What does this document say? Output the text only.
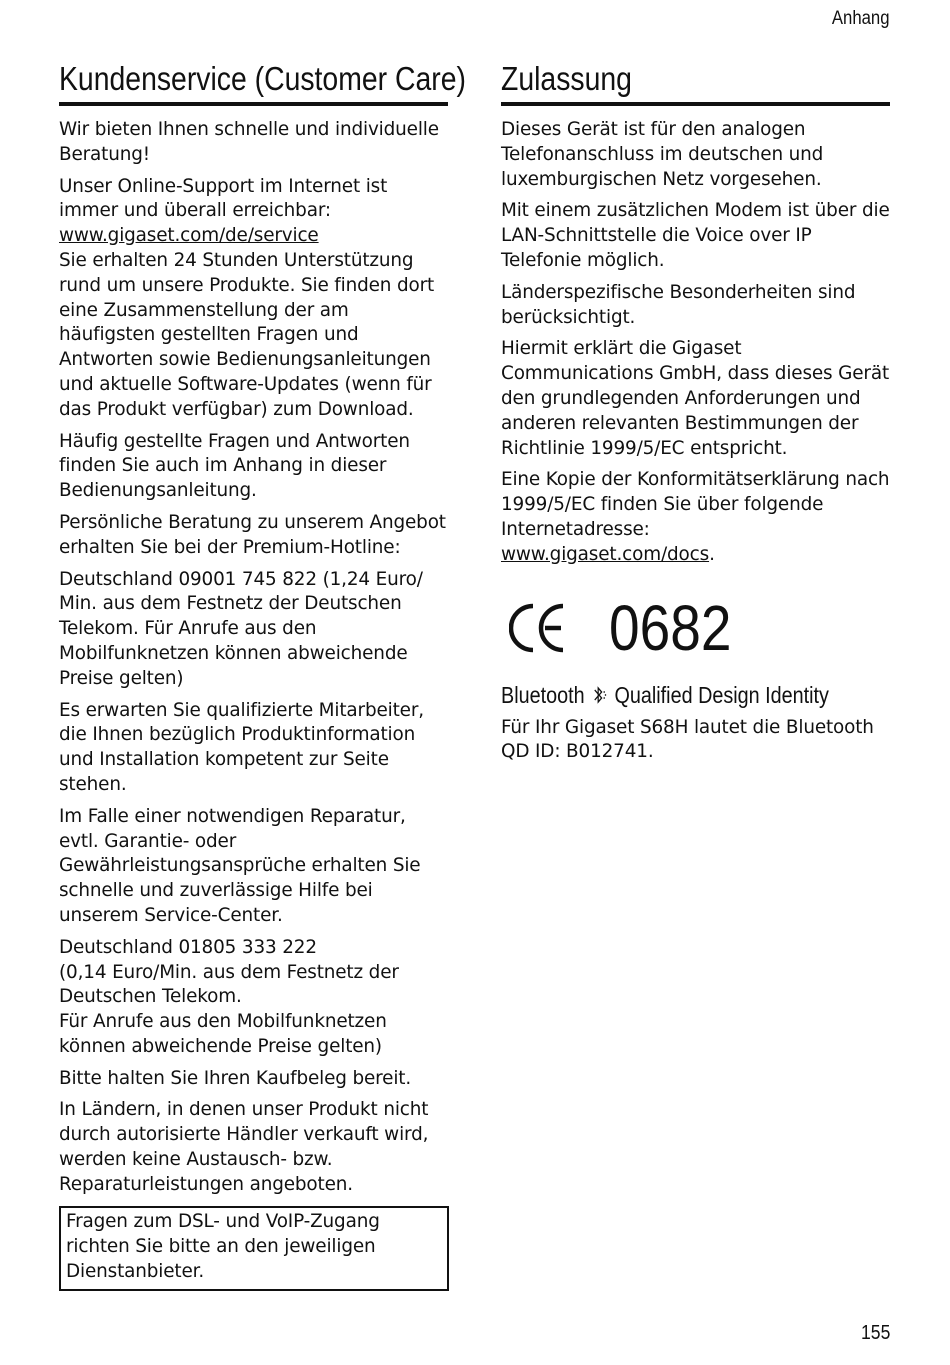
Anhang
Kundenservice (Customer Care)

Wir bieten Ihnen schnelle und individuelle Beratung!

Unser Online-Support im Internet ist immer und überall erreichbar:
www.gigaset.com/de/service
Sie erhalten 24 Stunden Unterstützung rund um unsere Produkte. Sie finden dort eine Zusammenstellung der am häufigsten gestellten Fragen und Antworten sowie Bedienungsanleitungen und aktuelle Software-Updates (wenn für das Produkt verfügbar) zum Download.

Häufig gestellte Fragen und Antworten finden Sie auch im Anhang in dieser Bedienungsanleitung.

Persönliche Beratung zu unserem Angebot erhalten Sie bei der Premium-Hotline:

Deutschland 09001 745 822 (1,24 Euro/ Min. aus dem Festnetz der Deutschen Telekom. Für Anrufe aus den Mobilfunknetzen können abweichende Preise gelten)

Es erwarten Sie qualifizierte Mitarbeiter, die Ihnen bezüglich Produktinformation und Installation kompetent zur Seite stehen.

Im Falle einer notwendigen Reparatur, evtl. Garantie- oder Gewährleistungsansprüche erhalten Sie schnelle und zuverlässige Hilfe bei unserem Service-Center.

Deutschland 01805 333 222
(0,14 Euro/Min. aus dem Festnetz der Deutschen Telekom.
Für Anrufe aus den Mobilfunknetzen können abweichende Preise gelten)

Bitte halten Sie Ihren Kaufbeleg bereit.

In Ländern, in denen unser Produkt nicht durch autorisierte Händler verkauft wird, werden keine Austausch- bzw. Reparaturleistungen angeboten.

Fragen zum DSL- und VoIP-Zugang richten Sie bitte an den jeweiligen Dienstanbieter.

Zulassung

Dieses Gerät ist für den analogen Telefonanschluss im deutschen und luxemburgischen Netz vorgesehen.

Mit einem zusätzlichen Modem ist über die LAN-Schnittstelle die Voice over IP Telefonie möglich.

Länderspezifische Besonderheiten sind berücksichtigt.

Hiermit erklärt die Gigaset Communications GmbH, dass dieses Gerät den grundlegenden Anforderungen und anderen relevanten Bestimmungen der Richtlinie 1999/5/EC entspricht.

Eine Kopie der Konformitätserklärung nach 1999/5/EC finden Sie über folgende Internetadresse:
www.gigaset.com/docs.

0682
Bluetooth Qualified Design Identity

Für Ihr Gigaset S68H lautet die Bluetooth QD ID: B012741.

155
